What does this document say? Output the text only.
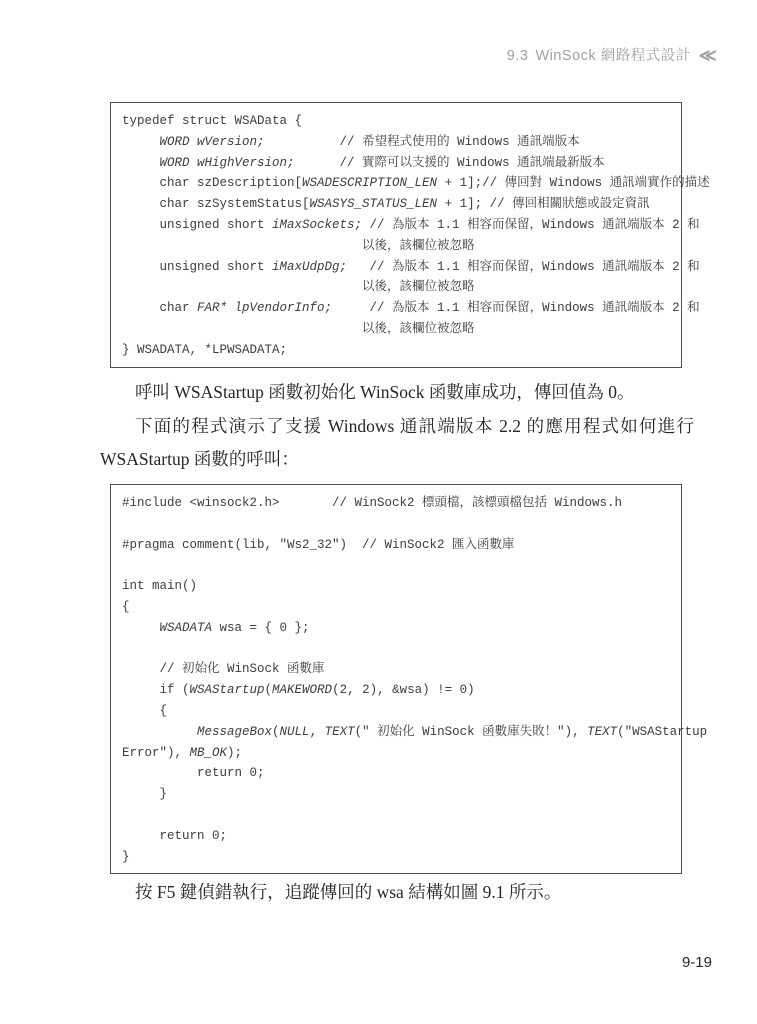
9.3 WinSock 網路程式設計 ≪
typedef struct WSAData {
WORD wVersion;          // 希望程式使用的 Windows 通訊端版本
WORD wHighVersion;      // 實際可以支援的 Windows 通訊端最新版本
char szDescription[WSADESCRIPTION_LEN + 1];// 傳回對 Windows 通訊端實作的描述
char szSystemStatus[WSASYS_STATUS_LEN + 1]; // 傳回相關狀態或設定資訊
unsigned short iMaxSockets; // 為版本 1.1 相容而保留，Windows 通訊端版本 2 和
以後，該欄位被忽略
unsigned short iMaxUdpDg;   // 為版本 1.1 相容而保留，Windows 通訊端版本 2 和
以後，該欄位被忽略
char FAR* lpVendorInfo;     // 為版本 1.1 相容而保留，Windows 通訊端版本 2 和
以後，該欄位被忽略
} WSADATA, *LPWSADATA;

呼叫 WSAStartup 函數初始化 WinSock 函數庫成功，傳回值為 0。

下面的程式演示了支援 Windows 通訊端版本 2.2 的應用程式如何進行 WSAStartup 函數的呼叫：

#include <winsock2.h>       // WinSock2 標頭檔，該標頭檔包括 Windows.h

#pragma comment(lib, "Ws2_32")  // WinSock2 匯入函數庫

int main()
{
WSADATA wsa = { 0 };

// 初始化 WinSock 函數庫
if (WSAStartup(MAKEWORD(2, 2), &wsa) != 0)
{
MessageBox(NULL, TEXT(" 初始化 WinSock 函數庫失敗！"), TEXT("WSAStartup
Error"), MB_OK);
return 0;
}

return 0;
}

按 F5 鍵偵錯執行，追蹤傳回的 wsa 結構如圖 9.1 所示。

9-19
